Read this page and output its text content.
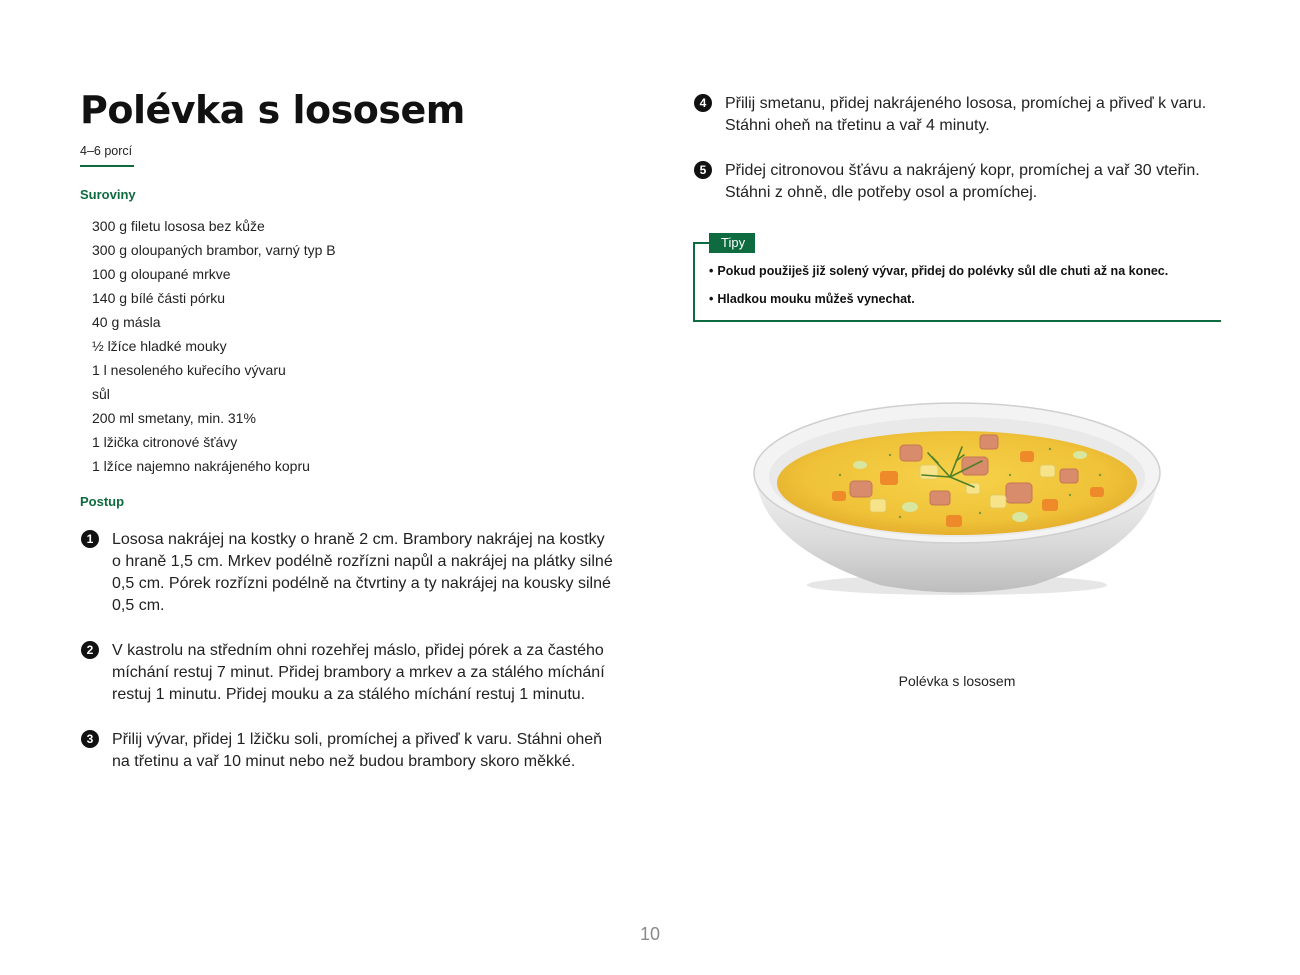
Polévka s lososem
4–6 porcí
Suroviny
300 g filetu lososa bez kůže
300 g oloupaných brambor, varný typ B
100 g oloupané mrkve
140 g bílé části pórku
40 g másla
½ lžíce hladké mouky
1 l nesoleného kuřecího vývaru
sůl
200 ml smetany, min. 31%
1 lžička citronové šťávy
1 lžíce najemno nakrájeného kopru
Postup
1	Lososa nakrájej na kostky o hraně 2 cm. Brambory nakrájej na kostky
o hraně 1,5 cm. Mrkev podélně rozřízni napůl a nakrájej na plátky silné
0,5 cm. Pórek rozřízni podélně na čtvrtiny a ty nakrájej na kousky silné
0,5 cm.
2	V kastrolu na středním ohni rozehřej máslo, přidej pórek a za častého
míchání restuj 7 minut. Přidej brambory a mrkev a za stálého míchání
restuj 1 minutu. Přidej mouku a za stálého míchání restuj 1 minutu.
3	Přilij vývar, přidej 1 lžičku soli, promíchej a přiveď k varu. Stáhni oheň
na třetinu a vař 10 minut nebo než budou brambory skoro měkké.
4	Přilij smetanu, přidej nakrájeného lososa, promíchej a přiveď k varu.
Stáhni oheň na třetinu a vař 4 minuty.
5	Přidej citronovou šťávu a nakrájený kopr, promíchej a vař 30 vteřin.
Stáhni z ohně, dle potřeby osol a promíchej.
Tipy
• Pokud použiješ již solený vývar, přidej do polévky sůl dle chuti až na konec.
• Hladkou mouku můžeš vynechat.
Polévka s lososem
10
